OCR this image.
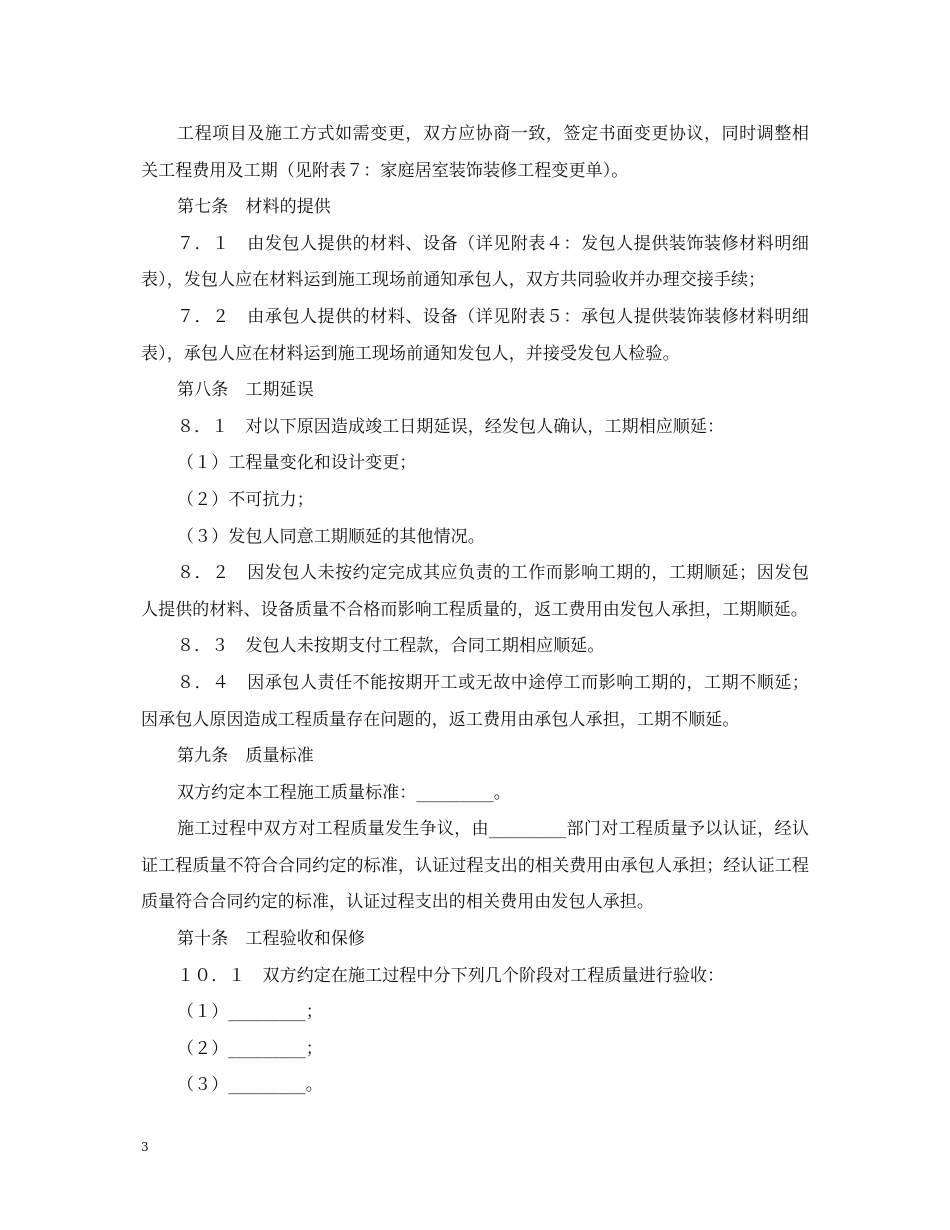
工程项目及施工方式如需变更，双方应协商一致，签定书面变更协议，同时调整相关工程费用及工期（见附表７：家庭居室装饰装修工程变更单）。

第七条　材料的提供

７．１　由发包人提供的材料、设备（详见附表４：发包人提供装饰装修材料明细表），发包人应在材料运到施工现场前通知承包人，双方共同验收并办理交接手续；

７．２　由承包人提供的材料、设备（详见附表５：承包人提供装饰装修材料明细表），承包人应在材料运到施工现场前通知发包人，并接受发包人检验。

第八条　工期延误

８．１　对以下原因造成竣工日期延误，经发包人确认，工期相应顺延：

（１）工程量变化和设计变更；

（２）不可抗力；

（３）发包人同意工期顺延的其他情况。

８．２　因发包人未按约定完成其应负责的工作而影响工期的，工期顺延；因发包人提供的材料、设备质量不合格而影响工程质量的，返工费用由发包人承担，工期顺延。

８．３　发包人未按期支付工程款，合同工期相应顺延。

８．４　因承包人责任不能按期开工或无故中途停工而影响工期的，工期不顺延；因承包人原因造成工程质量存在问题的，返工费用由承包人承担，工期不顺延。

第九条　质量标准

双方约定本工程施工质量标准：_________。

施工过程中双方对工程质量发生争议，由_________部门对工程质量予以认证，经认证工程质量不符合合同约定的标准，认证过程支出的相关费用由承包人承担；经认证工程质量符合合同约定的标准，认证过程支出的相关费用由发包人承担。

第十条　工程验收和保修

１０．１　双方约定在施工过程中分下列几个阶段对工程质量进行验收：

（１）_________；

（２）_________；

（３）_________。

3
